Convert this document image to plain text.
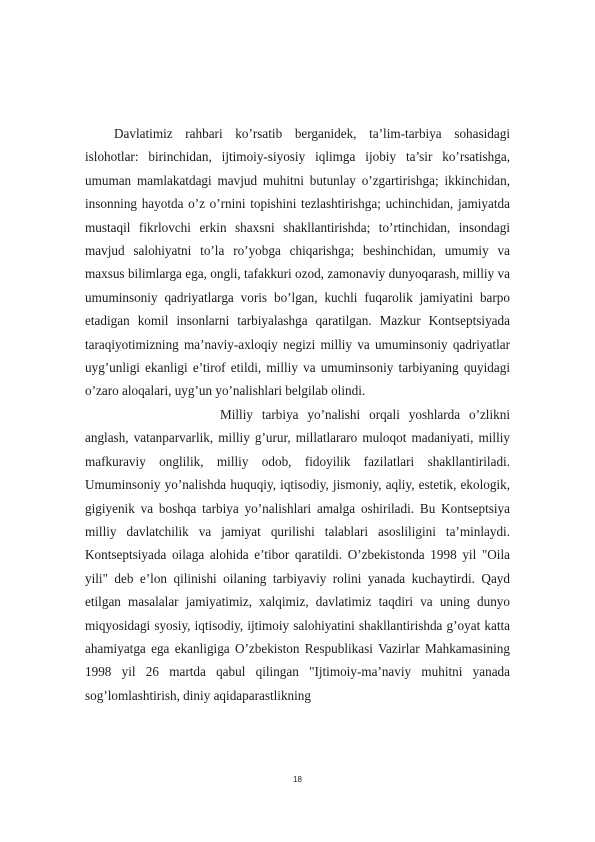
Davlatimiz rahbari ko’rsatib berganidek, ta’lim-tarbiya sohasidagi islohotlar: birinchidan, ijtimoiy-siyosiy iqlimga ijobiy ta’sir ko’rsatishga, umuman mamlakatdagi mavjud muhitni butunlay o’zgartirishga; ikkinchidan, insonning hayotda o’z o’rnini topishini tezlashtirishga; uchinchidan, jamiyatda mustaqil fikrlovchi erkin shaxsni shakllantirishda; to’rtinchidan, insondagi mavjud salohiyatni to’la ro’yobga chiqarishga; beshinchidan, umumiy va maxsus bilimlarga ega, ongli, tafakkuri ozod, zamonaviy dunyoqarash, milliy va umuminsoniy qadriyatlarga voris bo’lgan, kuchli fuqarolik jamiyatini barpo etadigan komil insonlarni tarbiyalashga qaratilgan. Mazkur Kontseptsiyada taraqiyotimizning ma’naviy-axloqiy negizi milliy va umuminsoniy qadriyatlar uyg’unligi ekanligi e’tirof etildi, milliy va umuminsoniy tarbiyaning quyidagi o’zaro aloqalari, uyg’un yo’nalishlari belgilab olindi.

Milliy tarbiya yo’nalishi orqali yoshlarda o’zlikni anglash, vatanparvarlik, milliy g’urur, millatlararo muloqot madaniyati, milliy mafkuraviy onglilik, milliy odob, fidoyilik fazilatlari shakllantiriladi. Umuminsoniy yo’nalishda huquqiy, iqtisodiy, jismoniy, aqliy, estetik, ekologik, gigiyenik va boshqa tarbiya yo’nalishlari amalga oshiriladi. Bu Kontseptsiya milliy davlatchilik va jamiyat qurilishi talablari asosliligini ta’minlaydi. Kontseptsiyada oilaga alohida e’tibor qaratildi. O’zbekistonda 1998 yil "Oila yili" deb e’lon qilinishi oilaning tarbiyaviy rolini yanada kuchaytirdi. Qayd etilgan masalalar jamiyatimiz, xalqimiz, davlatimiz taqdiri va uning dunyo miqyosidagi syosiy, iqtisodiy, ijtimoiy salohiyatini shakllantirishda g’oyat katta ahamiyatga ega ekanligiga O’zbekiston Respublikasi Vazirlar Mahkamasining 1998 yil 26 martda qabul qilingan "Ijtimoiy-ma’naviy muhitni yanada sog’lomlashtirish, diniy aqidaparastlikning

18
